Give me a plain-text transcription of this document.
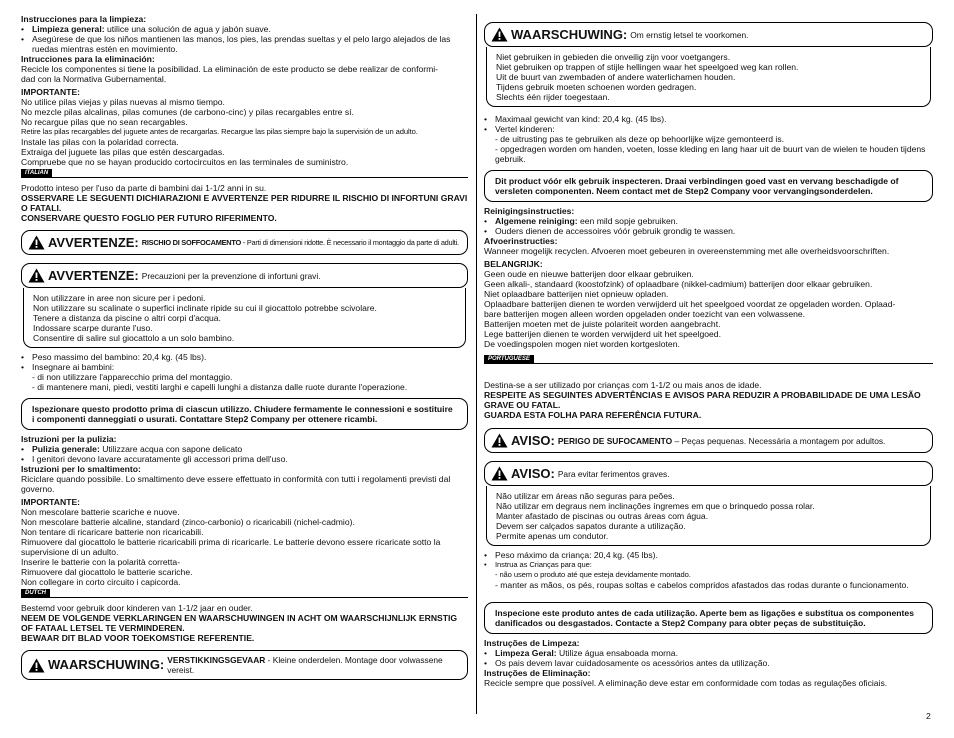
Instrucciones para la limpieza:
• Limpieza general: utilice una solución de agua y jabón suave.
• Asegúrese de que los niños mantienen las manos, los pies, las prendas sueltas y el pelo largo alejados de las ruedas mientras estén en movimiento.
Intrucciones para la eliminación:
Recicle los componentes si tiene la posibilidad. La eliminación de este producto se debe realizar de conformi-
dad con la Normativa Gubernamental.
IMPORTANTE:
No utilice pilas viejas y pilas nuevas al mismo tiempo.
No mezcle pilas alcalinas, pilas comunes (de carbono-cinc) y pilas recargables entre sí.
No recargue pilas que no sean recargables.
Retire las pilas recargables del juguete antes de recargarlas. Recargue las pilas siempre bajo la supervisión de un adulto.
Instale las pilas con la polaridad correcta.
Extraiga del juguete las pilas que estén descargadas.
Compruebe que no se hayan producido cortocircuitos en las terminales de suministro.
ITALIAN
Prodotto inteso per l'uso da parte di bambini dai 1-1/2 anni in su.
OSSERVARE LE SEGUENTI DICHIARAZIONI E AVVERTENZE PER RIDURRE IL RISCHIO DI INFORTUNI GRAVI O FATALI.
CONSERVARE QUESTO FOGLIO PER FUTURO RIFERIMENTO.
AVVERTENZE: RISCHIO DI SOFFOCAMENTO - Parti di dimensioni ridotte. È necessario il montaggio da parte di adulti.
AVVERTENZE: Precauzioni per la prevenzione di infortuni gravi.
Non utilizzare in aree non sicure per i pedoni.
Non utilizzare su scalinate o superfici inclinate ripide su cui il giocattolo potrebbe scivolare.
Tenere a distanza da piscine o altri corpi d'acqua.
Indossare scarpe durante l'uso.
Consentire di salire sul giocattolo a un solo bambino.
• Peso massimo del bambino: 20,4 kg. (45 lbs).
• Insegnare ai bambini:
- di non utilizzare l'apparecchio prima del montaggio.
- di mantenere mani, piedi, vestiti larghi e capelli lunghi a distanza dalle ruote durante l'operazione.
Ispezionare questo prodotto prima di ciascun utilizzo. Chiudere fermamente le connessioni e sostituire i componenti danneggiati o usurati. Contattare Step2 Company per ottenere ricambi.
Istruzioni per la pulizia:
• Pulizia generale: Utilizzare acqua con sapone delicato
• I genitori devono lavare accuratamente gli accessori prima dell'uso.
Istruzioni per lo smaltimento:
Riciclare quando possibile. Lo smaltimento deve essere effettuato in conformità con tutti i regolamenti previsti dal governo.
IMPORTANTE:
Non mescolare batterie scariche e nuove.
Non mescolare batterie alcaline, standard (zinco-carbonio) o ricaricabili (nichel-cadmio).
Non tentare di ricaricare batterie non ricaricabili.
Rimuovere dal giocattolo le batterie ricaricabili prima di ricaricarle. Le batterie devono essere ricaricate sotto la supervisione di un adulto.
Inserire le batterie con la polarità corretta-
Rimuovere dal giocattolo le batterie scariche.
Non collegare in corto circuito i capicorda.
DUTCH
Bestemd voor gebruik door kinderen van 1-1/2 jaar en ouder.
NEEM DE VOLGENDE VERKLARINGEN EN WAARSCHUWINGEN IN ACHT OM WAARSCHIJNLIJK ERNSTIG OF FATAAL LETSEL TE VERMINDEREN.
BEWAAR DIT BLAD VOOR TOEKOMSTIGE REFERENTIE.
WAARSCHUWING: VERSTIKKINGSGEVAAR - Kleine onderdelen. Montage door volwassene vereist.
WAARSCHUWING: Om ernstig letsel te voorkomen.
Niet gebruiken in gebieden die onveilig zijn voor voetgangers.
Niet gebruiken op trappen of stijle hellingen waar het speelgoed weg kan rollen.
Uit de buurt van zwembaden of andere waterlichamen houden.
Tijdens gebruik moeten schoenen worden gedragen.
Slechts één rijder toegestaan.
• Maximaal gewicht van kind: 20,4 kg. (45 lbs).
• Vertel kinderen:
- de uitrusting pas te gebruiken als deze op behoorlijke wijze gemonteerd is.
- opgedragen worden om handen, voeten, losse kleding en lang haar uit de buurt van de wielen te houden tijdens gebruik.
Dit product vóór elk gebruik inspecteren. Draai verbindingen goed vast en vervang beschadigde of versleten componenten. Neem contact met de Step2 Company voor vervangingsonderdelen.
Reinigingsinstructies:
• Algemene reiniging: een mild sopje gebruiken.
• Ouders dienen de accessoires vóór gebruik grondig te wassen.
Afvoerinstructies:
Wanneer mogelijk recyclen. Afvoeren moet gebeuren in overeenstemming met alle overheidsvoorschriften.
BELANGRIJK:
Geen oude en nieuwe batterijen door elkaar gebruiken.
Geen alkali-, standaard (koostofzink) of oplaadbare (nikkel-cadmium) batterijen door elkaar gebruiken.
Niet oplaadbare batterijen niet opnieuw opladen.
Oplaadbare batterijen dienen te worden verwijderd uit het speelgoed voordat ze opgeladen worden. Oplaad-
bare batterijen mogen alleen worden opgeladen onder toezicht van een volwassene.
Batterijen moeten met de juiste polariteit worden aangebracht.
Lege batterijen dienen te worden verwijderd uit het speelgoed.
De voedingspolen mogen niet worden kortgesloten.
PORTUGUESE
Destina-se a ser utilizado por crianças com 1-1/2 ou mais anos de idade.
RESPEITE AS SEGUINTES ADVERTÊNCIAS E AVISOS PARA REDUZIR A PROBABILIDADE DE UMA LESÃO GRAVE OU FATAL.
GUARDA ESTA FOLHA PARA REFERÊNCIA FUTURA.
AVISO: PERIGO DE SUFOCAMENTO – Peças pequenas. Necessária a montagem por adultos.
AVISO: Para evitar ferimentos graves.
Não utilizar em áreas não seguras para peões.
Não utilizar em degraus nem inclinações íngremes em que o brinquedo possa rolar.
Manter afastado de piscinas ou outras áreas com água.
Devem ser calçados sapatos durante a utilização.
Permite apenas um condutor.
• Peso máximo da criança: 20,4 kg. (45 lbs).
• Instrua as Crianças para que:
- não usem o produto até que esteja devidamente montado.
- manter as mãos, os pés, roupas soltas e cabelos compridos afastados das rodas durante o funcionamento.
Inspecione este produto antes de cada utilização. Aperte bem as ligações e substitua os componentes danificados ou desgastados. Contacte a Step2 Company para obter peças de substituição.
Instruções de Limpeza:
• Limpeza Geral: Utilize água ensaboada morna.
• Os pais devem lavar cuidadosamente os acessórios antes da utilização.
Instruções de Eliminação:
Recicle sempre que possível. A eliminação deve estar em conformidade com todas as regulações oficiais.
2
